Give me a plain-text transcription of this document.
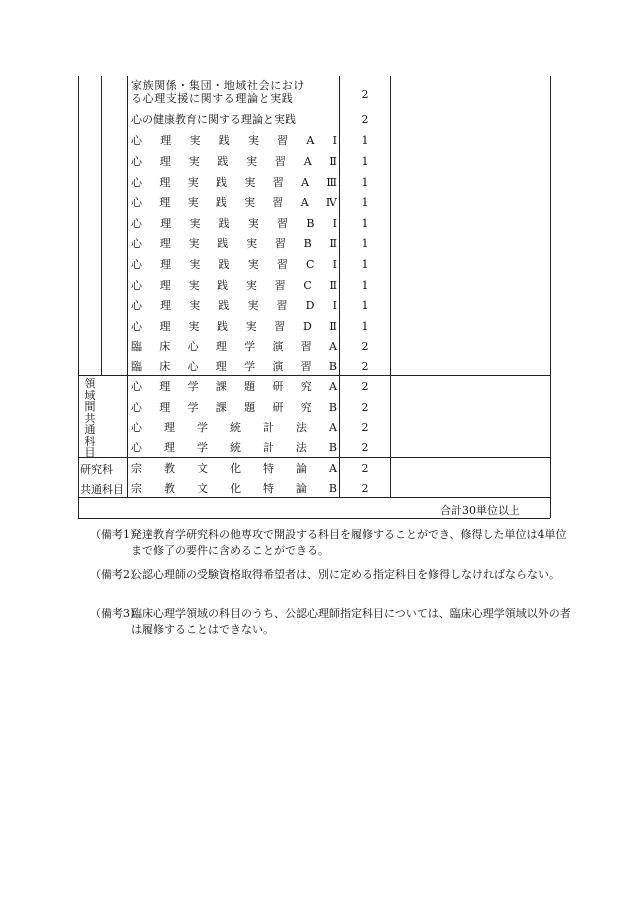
家族関係・集団・地域社会におけ
る心理支援に関する理論と実践	2
心の健康教育に関する理論と実践	2
心 理 実 践 実 習 A Ⅰ	1
心 理 実 践 実 習 A Ⅱ	1
心 理 実 践 実 習 A Ⅲ	1
心 理 実 践 実 習 A Ⅳ	1
心 理 実 践 実 習 B Ⅰ	1
心 理 実 践 実 習 B Ⅱ	1
心 理 実 践 実 習 C Ⅰ	1
心 理 実 践 実 習 C Ⅱ	1
心 理 実 践 実 習 D Ⅰ	1
心 理 実 践 実 習 D Ⅱ	1
臨 床 心 理 学 演 習 A	2
臨 床 心 理 学 演 習 B	2
領
域
間
共
通
科
目
心 理 学 課 題 研 究 A	2
心 理 学 課 題 研 究 B	2
心 理 学 統 計 法 A	2
心 理 学 統 計 法 B	2
研究科
共通科目
宗 教 文 化 特 論 A	2
宗 教 文 化 特 論 B	2
合計30単位以上
（備考1）
発達教育学研究科の他専攻で開設する科目を履修することができ、修得した単位は4単位まで修了の要件に含めることができる。
（備考2）
公認心理師の受験資格取得希望者は、別に定める指定科目を修得しなければならない。
（備考3）
臨床心理学領域の科目のうち、公認心理師指定科目については、臨床心理学領域以外の者は履修することはできない。
